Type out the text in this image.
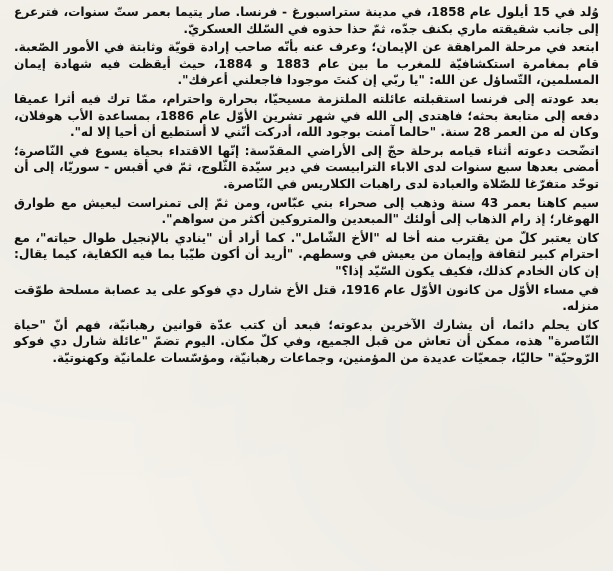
وُلد في 15 أيلول عام 1858، في مدينة ستراسبورغ - فرنسا. صار يتيما بعمر ستّ سنوات، فترعرع إلى جانب شقيقته ماري بكنف جدّه، ثمّ حذا حذوه في السّلك العسكريّ.

ابتعد في مرحلة المراهقة عن الإيمان؛ وعرف عنه بأنّه صاحب إرادة قويّة وثابتة في الأمور الصّعبة. قام بمغامرة استكشافيّة للمغرب ما بين عام 1883 و 1884، حيث أيقظت فيه شهادة إيمان المسلمين، التّساؤل عن الله: "يا ربّي إن كنتَ موجودا فاجعلني أعرفك".

بعد عودته إلى فرنسا استقبلته عائلته الملتزمة مسيحيّا، بحرارة واحترام، ممّا ترك فيه أثرا عميقا دفعه إلى متابعة بحثه؛ فاهتدى إلى الله في شهر تشرين الأوّل عام 1886، بمساعدة الأب هوفلان، وكان له من العمر 28 سنة. "حالما آمنت بوجود الله، أدركت أنّني لا أستطيع أن أحيا إلا له".

اتضّحت دعوته أثناء قيامه برحلة حجّ إلى الأراضي المقدّسة: إنّها الاقتداء بحياة يسوع في النّاصرة؛ أمضى بعدها سبع سنوات لدى الاباء الترابيست في دير سيّدة الثّلوج، ثمّ في أقبس - سوريّا، إلى أن توحّد متفرّغا للصّلاة والعبادة لدى راهبات الكلاريس في النّاصرة.

سيم كاهنا بعمر 43 سنة وذهب إلى صحراء بني عبّاس، ومن ثمّ إلى تمنراست ليعيش مع طوارق الهوغار؛ إذ رام الذهاب إلى أولئك "المبعدين والمتروكين أكثر من سواهم".

كان يعتبر كلّ من يقترب منه أخا له "الأخ الشّامل". كما أراد أن "ينادي بالإنجيل طوال حياته"، مع احترام كبير لثقافة وإيمان من يعيش في وسطهم. "أريد أن أكون طيّبا بما فيه الكفاية، كيما يقال: إن كان الخادم كذلك، فكيف يكون السّيّد إذا؟"

في مساء الأوّل من كانون الأوّل عام 1916، قتل الأخ شارل دي فوكو على يد عصابة مسلحة طوّقت منزله.

كان يحلم دائما، أن يشارك الآخرين بدعوته؛ فبعد أن كتب عدّة قوانين رهبانيّة، فهم أنّ "حياة النّاصرة" هذه، ممكن أن تعاش من قبل الجميع، وفي كلّ مكان. اليوم تضمّ "عائلة شارل دي فوكو الرّوحيّة" حاليّا، جمعيّات عديدة من المؤمنين، وجماعات رهبانيّة، ومؤسّسات علمانيّة وكهنوتيّة.
